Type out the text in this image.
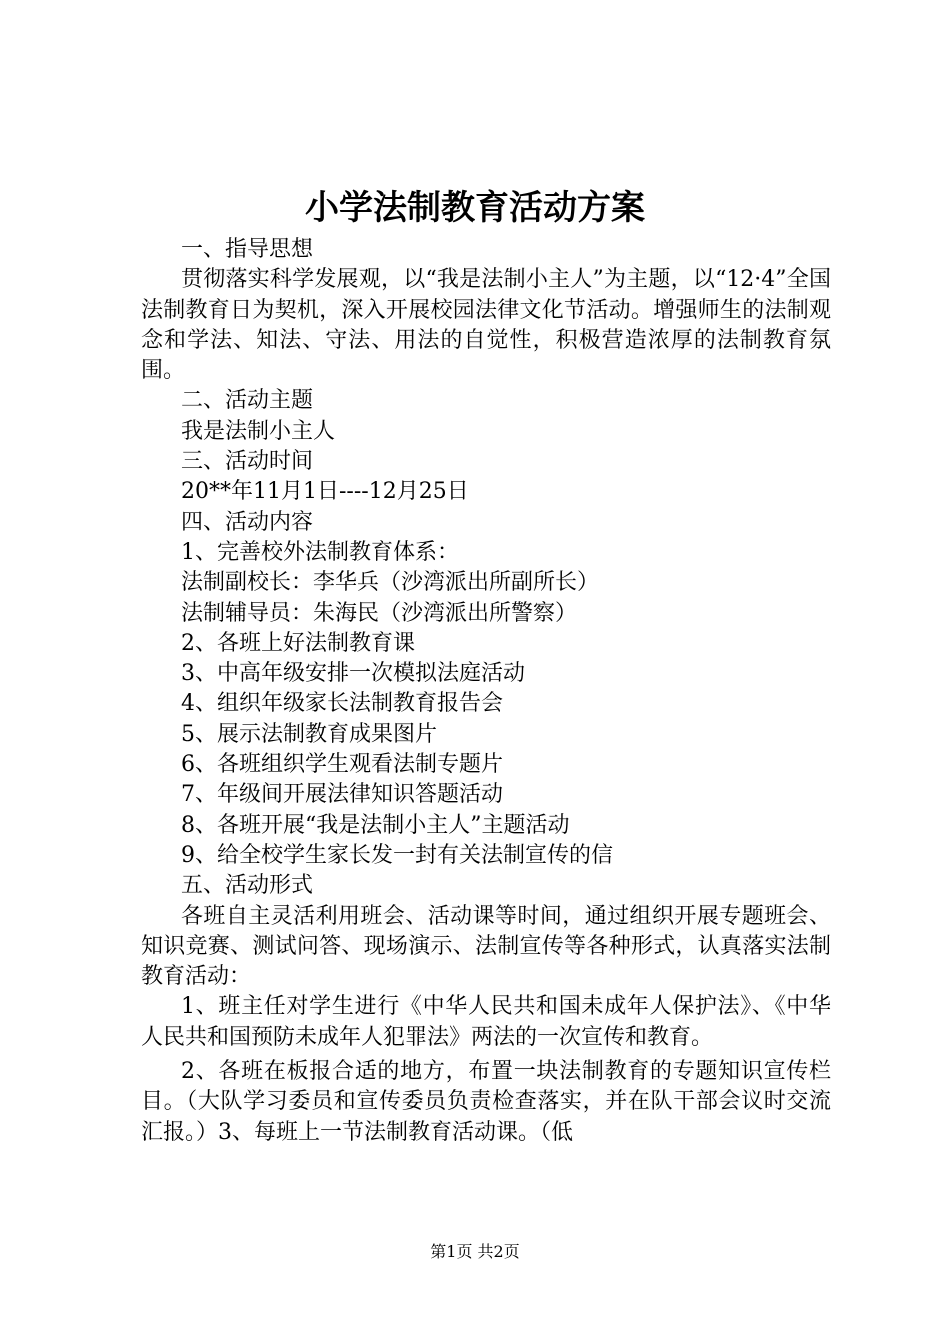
小学法制教育活动方案

一、指导思想

贯彻落实科学发展观，以“我是法制小主人”为主题，以“12·4”全国法制教育日为契机，深入开展校园法律文化节活动。增强师生的法制观念和学法、知法、守法、用法的自觉性，积极营造浓厚的法制教育氛围。

二、活动主题

我是法制小主人

三、活动时间

20**年11月1日----12月25日

四、活动内容

1、完善校外法制教育体系：

法制副校长：李华兵（沙湾派出所副所长）

法制辅导员：朱海民（沙湾派出所警察）

2、各班上好法制教育课

3、中高年级安排一次模拟法庭活动

4、组织年级家长法制教育报告会

5、展示法制教育成果图片

6、各班组织学生观看法制专题片

7、年级间开展法律知识答题活动

8、各班开展“我是法制小主人”主题活动

9、给全校学生家长发一封有关法制宣传的信

五、活动形式

各班自主灵活利用班会、活动课等时间，通过组织开展专题班会、知识竞赛、测试问答、现场演示、法制宣传等各种形式，认真落实法制教育活动：

1、班主任对学生进行《中华人民共和国未成年人保护法》、《中华人民共和国预防未成年人犯罪法》两法的一次宣传和教育。

2、各班在板报合适的地方，布置一块法制教育的专题知识宣传栏目。（大队学习委员和宣传委员负责检查落实，并在队干部会议时交流汇报。）3、每班上一节法制教育活动课。（低

第1页 共2页
